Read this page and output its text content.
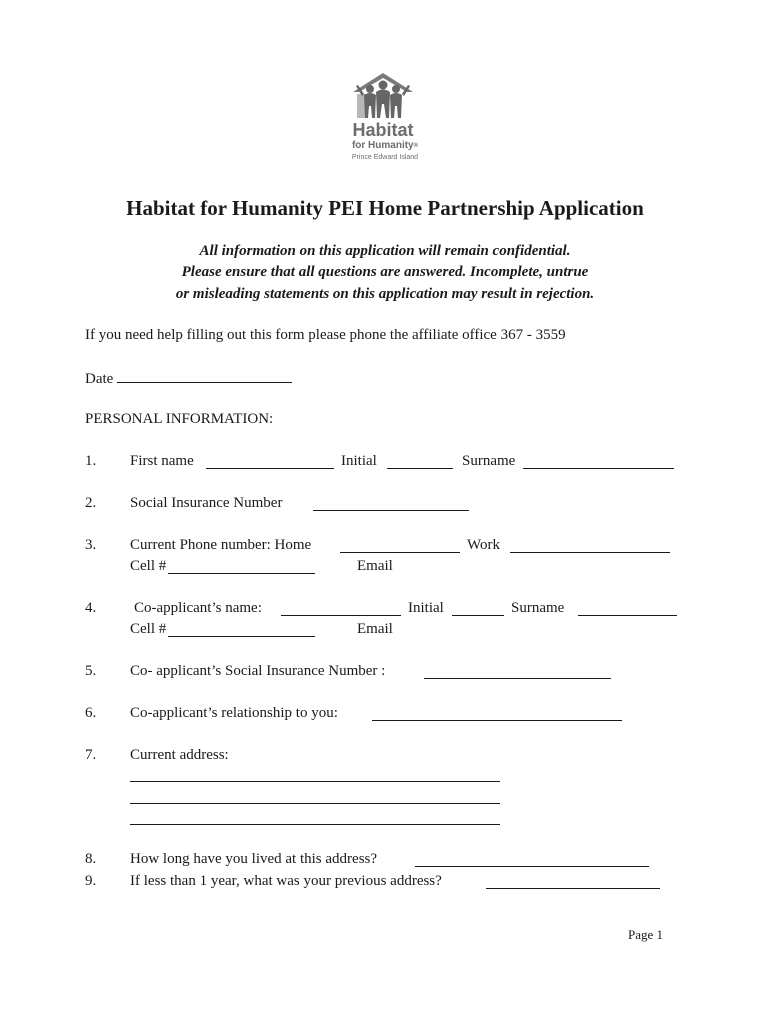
Habitat
for Humanity®
Prince Edward Island
Habitat for Humanity PEI Home Partnership Application
All information on this application will remain confidential.
Please ensure that all questions are answered. Incomplete, untrue
or misleading statements on this application may result in rejection.
If you need help filling out this form please phone the affiliate office 367 - 3559
Date
PERSONAL INFORMATION:
1. First name	Initial	Surname
2. Social Insurance Number
3. Current Phone number: Home	Work
Cell #	Email
4.	Co-applicant’s name:	Initial	Surname
Cell #	Email
5. Co- applicant’s Social Insurance Number :
6. Co-applicant’s relationship to you:
7. Current address:
8. How long have you lived at this address?
9. If less than 1 year, what was your previous address?
Page 1
